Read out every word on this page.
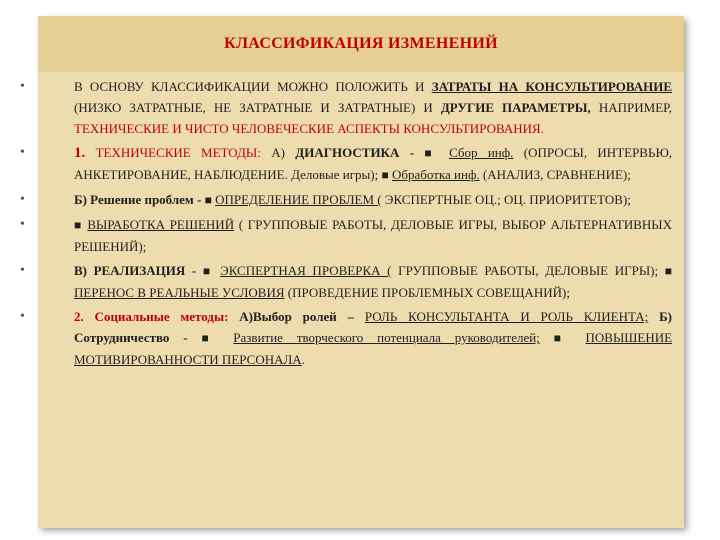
КЛАССИФИКАЦИЯ ИЗМЕНЕНИЙ
•	В ОСНОВУ КЛАССИФИКАЦИИ МОЖНО ПОЛОЖИТЬ И ЗАТРАТЫ НА КОНСУЛЬТИРОВАНИЕ (НИЗКО ЗАТРАТНЫЕ, НЕ ЗАТРАТНЫЕ И ЗАТРАТНЫЕ) И ДРУГИЕ ПАРАМЕТРЫ, НАПРИМЕР, ТЕХНИЧЕСКИЕ И ЧИСТО ЧЕЛОВЕЧЕСКИЕ АСПЕКТЫ КОНСУЛЬТИРОВАНИЯ.
•	1. ТЕХНИЧЕСКИЕ МЕТОДЫ: А) ДИАГНОСТИКА - ■ Сбор инф. (ОПРОСЫ, ИНТЕРВЬЮ, АНКЕТИРОВАНИЕ, НАБЛЮДЕНИЕ. Деловые игры); ■ Обработка инф. (АНАЛИЗ, СРАВНЕНИЕ);
•	Б) Решение проблем - ■ ОПРЕДЕЛЕНИЕ ПРОБЛЕМ ( ЭКСПЕРТНЫЕ ОЦ.; ОЦ. ПРИОРИТЕТОВ);
•	■ ВЫРАБОТКА РЕШЕНИЙ ( ГРУППОВЫЕ РАБОТЫ, ДЕЛОВЫЕ ИГРЫ, ВЫБОР АЛЬТЕРНАТИВНЫХ РЕШЕНИЙ);
•	В) РЕАЛИЗАЦИЯ - ■ ЭКСПЕРТНАЯ ПРОВЕРКА ( ГРУППОВЫЕ РАБОТЫ, ДЕЛОВЫЕ ИГРЫ); ■ ПЕРЕНОС В РЕАЛЬНЫЕ УСЛОВИЯ (ПРОВЕДЕНИЕ ПРОБЛЕМНЫХ СОВЕЩАНИЙ);
•	2. Социальные методы: А)Выбор ролей – РОЛЬ КОНСУЛЬТАНТА И РОЛЬ КЛИЕНТА; Б) Сотрудничество - ■ Развитие творческого потенциала руководителей; ■ ПОВЫШЕНИЕ МОТИВИРОВАННОСТИ ПЕРСОНАЛА.
